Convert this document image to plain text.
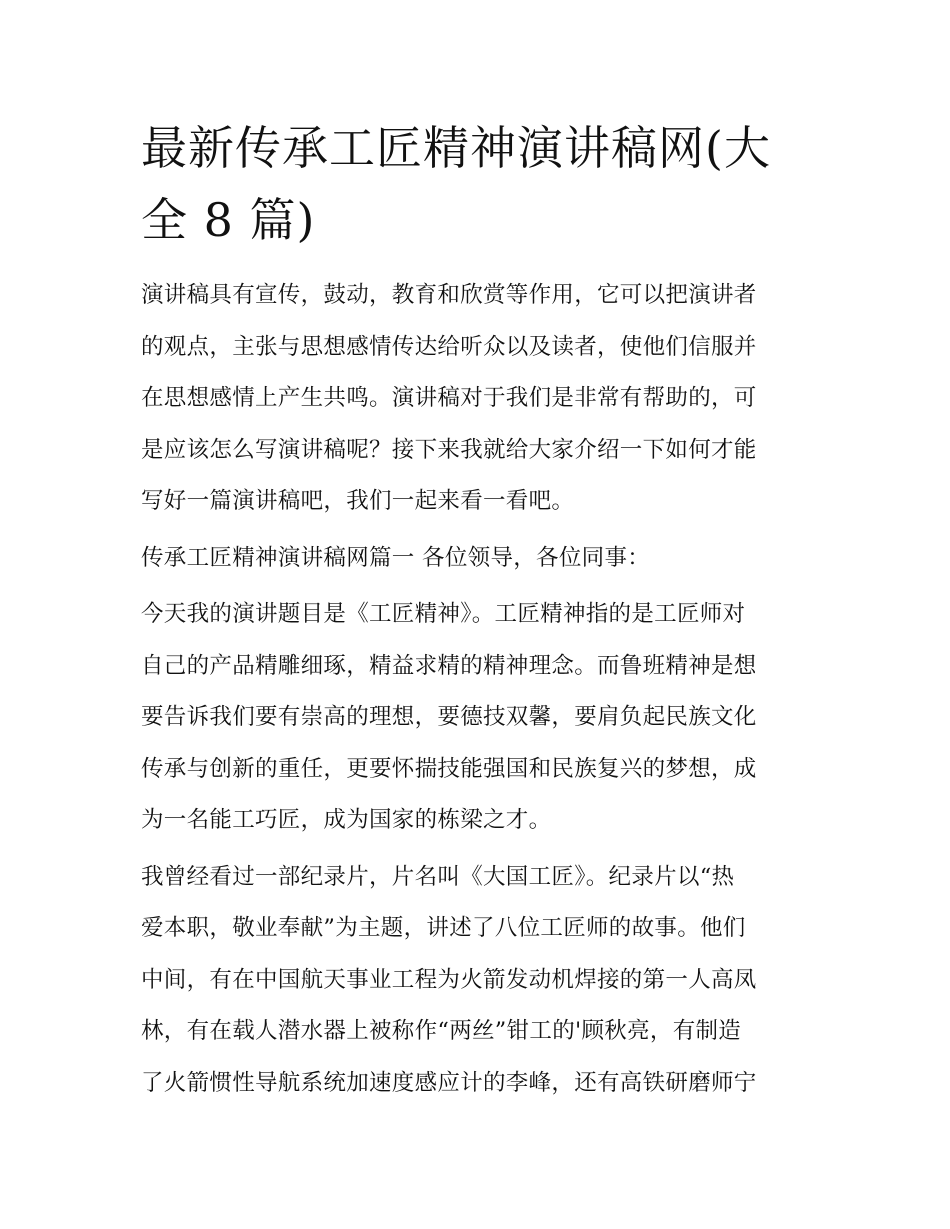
最新传承工匠精神演讲稿网(大
全 8 篇)

演讲稿具有宣传，鼓动，教育和欣赏等作用，它可以把演讲者
的观点，主张与思想感情传达给听众以及读者，使他们信服并
在思想感情上产生共鸣。演讲稿对于我们是非常有帮助的，可
是应该怎么写演讲稿呢？接下来我就给大家介绍一下如何才能
写好一篇演讲稿吧，我们一起来看一看吧。

传承工匠精神演讲稿网篇一 各位领导，各位同事：

今天我的演讲题目是《工匠精神》。工匠精神指的是工匠师对
自己的产品精雕细琢，精益求精的精神理念。而鲁班精神是想
要告诉我们要有崇高的理想，要德技双馨，要肩负起民族文化
传承与创新的重任，更要怀揣技能强国和民族复兴的梦想，成
为一名能工巧匠，成为国家的栋梁之才。

我曾经看过一部纪录片，片名叫《大国工匠》。纪录片以“热
爱本职，敬业奉献”为主题，讲述了八位工匠师的故事。他们
中间，有在中国航天事业工程为火箭发动机焊接的第一人高凤
林，有在载人潜水器上被称作“两丝”钳工的'顾秋亮，有制造
了火箭惯性导航系统加速度感应计的李峰，还有高铁研磨师宁
